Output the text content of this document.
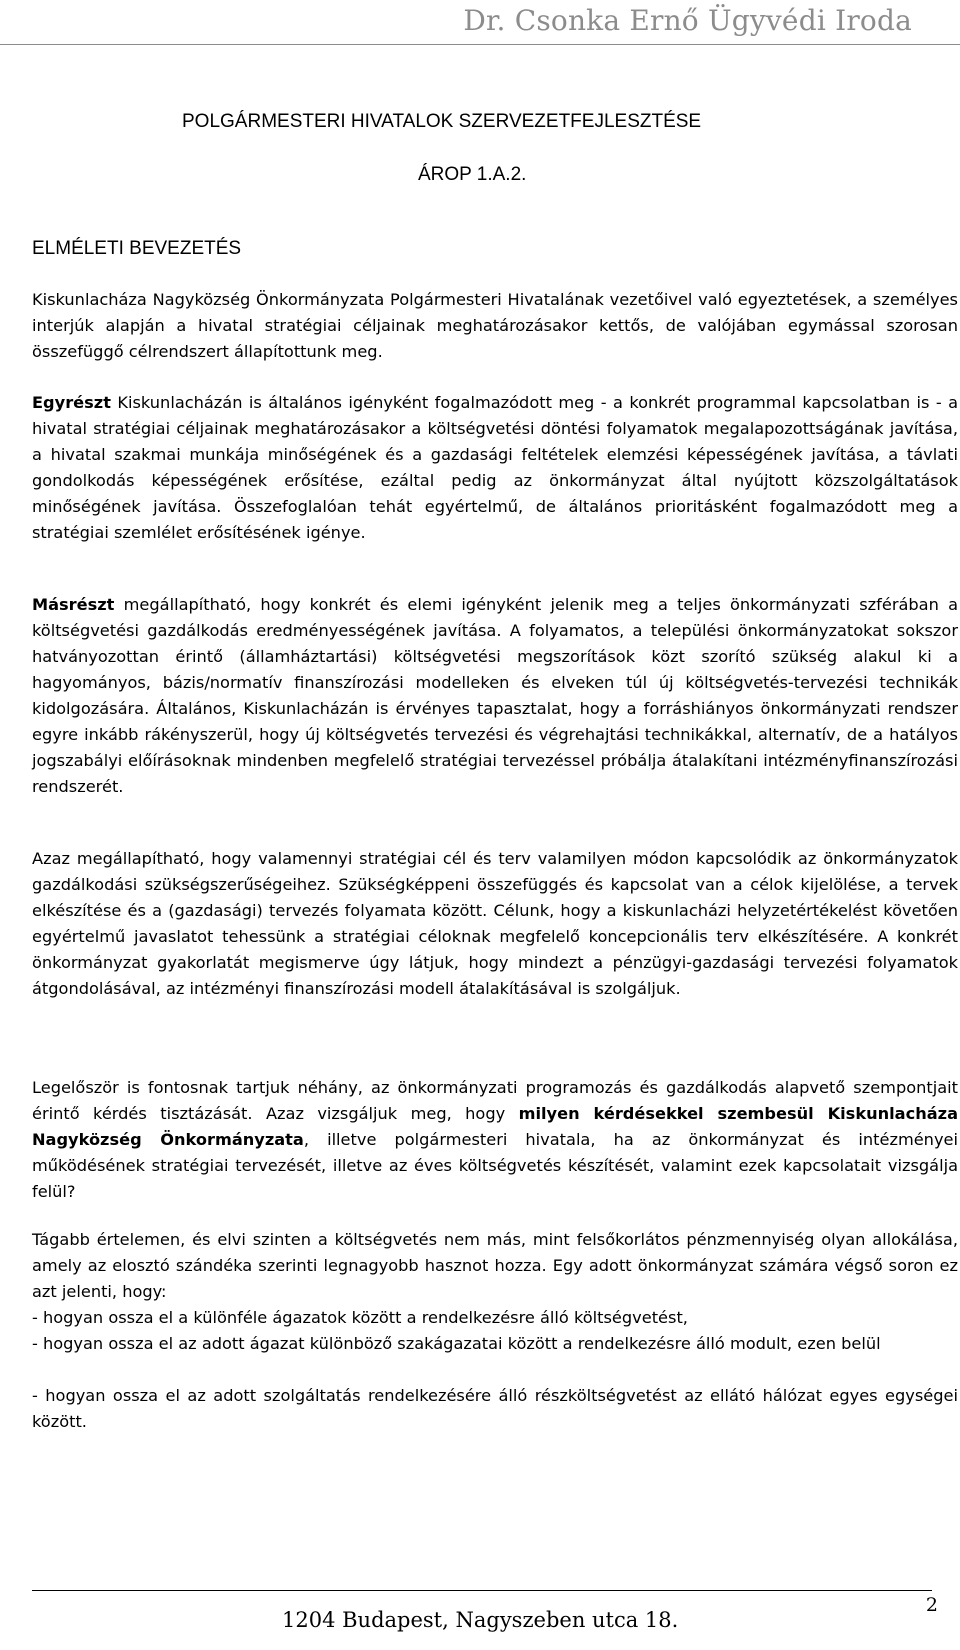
Dr. Csonka Ernő Ügyvédi Iroda
POLGÁRMESTERI HIVATALOK SZERVEZETFEJLESZTÉSE
ÁROP 1.A.2.
ELMÉLETI BEVEZETÉS
Kiskunlacháza Nagyközség Önkormányzata Polgármesteri Hivatalának vezetőivel való egyeztetések, a személyes interjúk alapján a hivatal stratégiai céljainak meghatározásakor kettős, de valójában egymással szorosan összefüggő célrendszert állapítottunk meg.
Egyrészt Kiskunlacházán is általános igényként fogalmazódott meg - a konkrét programmal kapcsolatban is - a hivatal stratégiai céljainak meghatározásakor a költségvetési döntési folyamatok megalapozottságának javítása, a hivatal szakmai munkája minőségének és a gazdasági feltételek elemzési képességének javítása, a távlati gondolkodás képességének erősítése, ezáltal pedig az önkormányzat által nyújtott közszolgáltatások minőségének javítása. Összefoglalóan tehát egyértelmű, de általános prioritásként fogalmazódott meg a stratégiai szemlélet erősítésének igénye.
Másrészt megállapítható, hogy konkrét és elemi igényként jelenik meg a teljes önkormányzati szférában a költségvetési gazdálkodás eredményességének javítása. A folyamatos, a települési önkormányzatokat sokszor hatványozottan érintő (államháztartási) költségvetési megszorítások közt szorító szükség alakul ki a hagyományos, bázis/normatív finanszírozási modelleken és elveken túl új költségvetés-tervezési technikák kidolgozására. Általános, Kiskunlacházán is érvényes tapasztalat, hogy a forráshiányos önkormányzati rendszer egyre inkább rákényszerül, hogy új költségvetés tervezési és végrehajtási technikákkal, alternatív, de a hatályos jogszabályi előírásoknak mindenben megfelelő stratégiai tervezéssel próbálja átalakítani intézményfinanszírozási rendszerét.
Azaz megállapítható, hogy valamennyi stratégiai cél és terv valamilyen módon kapcsolódik az önkormányzatok gazdálkodási szükségszerűségeihez. Szükségképpeni összefüggés és kapcsolat van a célok kijelölése, a tervek elkészítése és a (gazdasági) tervezés folyamata között. Célunk, hogy a kiskunlacházi helyzetértékelést követően egyértelmű javaslatot tehessünk a stratégiai céloknak megfelelő koncepcionális terv elkészítésére. A konkrét önkormányzat gyakorlatát megismerve úgy látjuk, hogy mindezt a pénzügyi-gazdasági tervezési folyamatok átgondolásával, az intézményi finanszírozási modell átalakításával is szolgáljuk.
Legelőször is fontosnak tartjuk néhány, az önkormányzati programozás és gazdálkodás alapvető szempontjait érintő kérdés tisztázását. Azaz vizsgáljuk meg, hogy milyen kérdésekkel szembesül Kiskunlacháza Nagyközség Önkormányzata, illetve polgármesteri hivatala, ha az önkormányzat és intézményei működésének stratégiai tervezését, illetve az éves költségvetés készítését, valamint ezek kapcsolatait vizsgálja felül?
Tágabb értelemen, és elvi szinten a költségvetés nem más, mint felsőkorlátos pénzmennyiség olyan allokálása, amely az elosztó szándéka szerinti legnagyobb hasznot hozza. Egy adott önkormányzat számára végső soron ez azt jelenti, hogy:
- hogyan ossza el a különféle ágazatok között a rendelkezésre álló költségvetést,
- hogyan ossza el az adott ágazat különböző szakágazatai között a rendelkezésre álló modult, ezen belül
- hogyan ossza el az adott szolgáltatás rendelkezésére álló részköltségvetést az ellátó hálózat egyes egységei között.
1204 Budapest, Nagyszeben utca 18.
2
